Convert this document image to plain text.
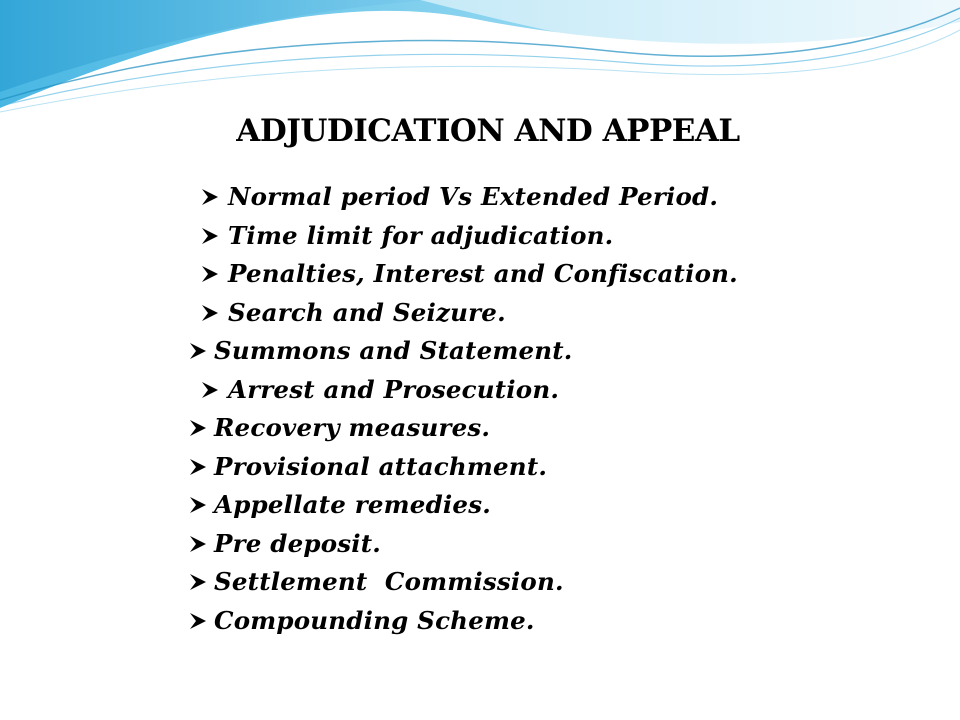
ADJUDICATION AND APPEAL
Normal period Vs Extended Period.
Time limit for adjudication.
Penalties, Interest and Confiscation.
Search and Seizure.
Summons and Statement.
Arrest and Prosecution.
Recovery measures.
Provisional attachment.
Appellate remedies.
Pre deposit.
Settlement  Commission.
Compounding Scheme.
